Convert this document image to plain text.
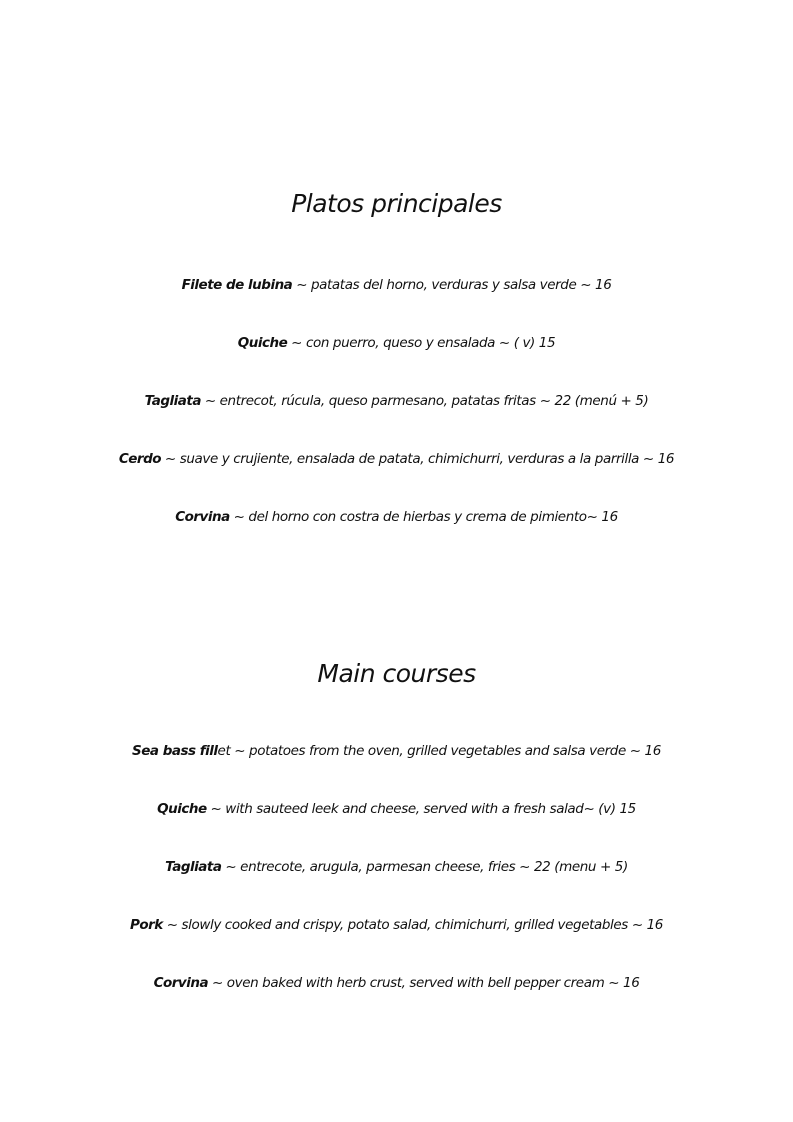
Platos principales
Filete de lubina ~ patatas del horno, verduras y salsa verde ~ 16
Quiche ~ con puerro, queso y ensalada ~ ( v) 15
Tagliata ~ entrecot, rúcula, queso parmesano, patatas fritas ~ 22 (menú + 5)
Cerdo ~ suave y crujiente, ensalada de patata, chimichurri, verduras a la parrilla ~ 16
Corvina ~ del horno con costra de hierbas y crema de pimiento~ 16
Main courses
Sea bass fillet ~ potatoes from the oven, grilled vegetables and salsa verde ~ 16
Quiche ~ with sauteed leek and cheese, served with a fresh salad~ (v) 15
Tagliata ~ entrecote, arugula, parmesan cheese, fries ~ 22 (menu + 5)
Pork ~ slowly cooked and crispy, potato salad, chimichurri, grilled vegetables ~ 16
Corvina ~ oven baked with herb crust, served with bell pepper cream ~ 16
